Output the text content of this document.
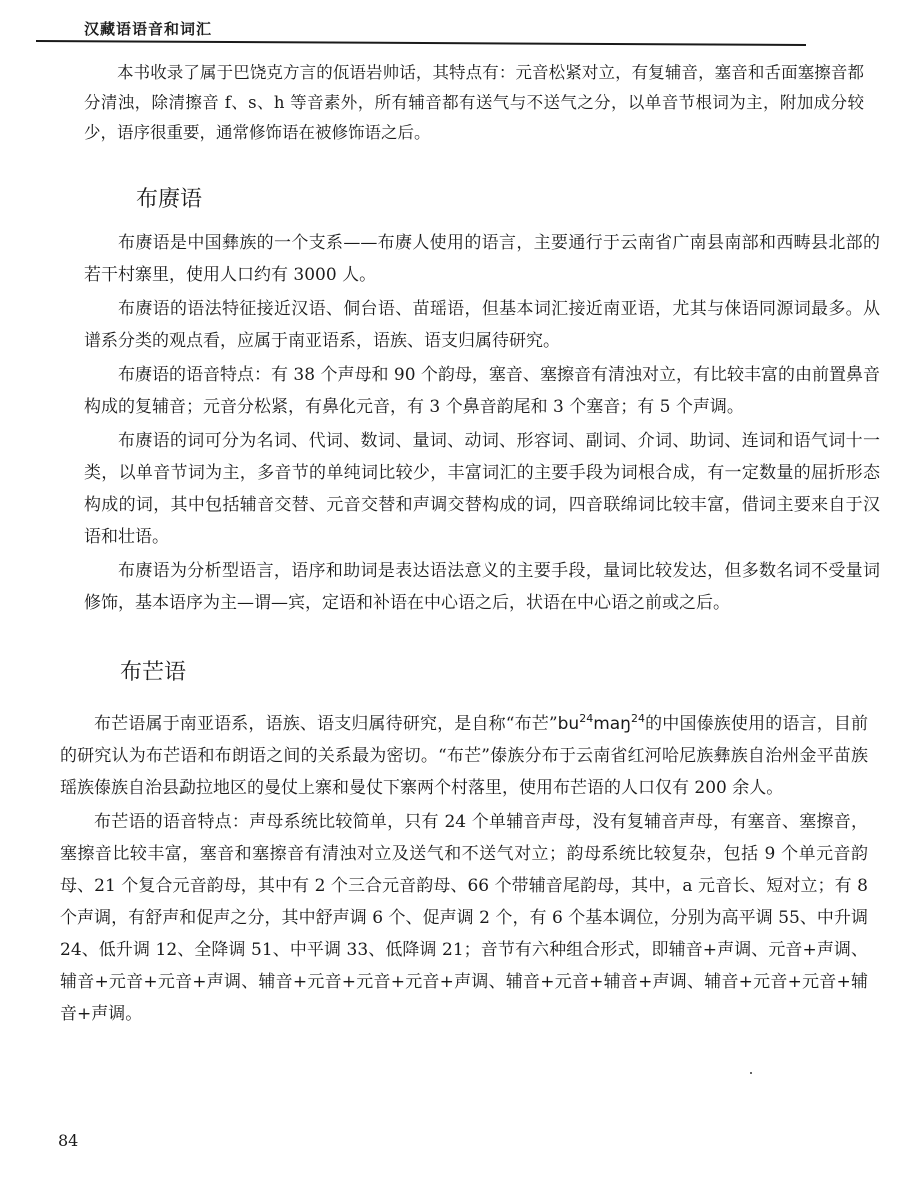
汉藏语语音和词汇

本书收录了属于巴饶克方言的佤语岩帅话，其特点有：元音松紧对立，有复辅音，塞音和舌面塞擦音都分清浊，除清擦音 f、s、h 等音素外，所有辅音都有送气与不送气之分，以单音节根词为主，附加成分较少，语序很重要，通常修饰语在被修饰语之后。

布赓语

布赓语是中国彝族的一个支系——布赓人使用的语言，主要通行于云南省广南县南部和西畴县北部的若干村寨里，使用人口约有 3000 人。

布赓语的语法特征接近汉语、侗台语、苗瑶语，但基本词汇接近南亚语，尤其与俫语同源词最多。从谱系分类的观点看，应属于南亚语系，语族、语支归属待研究。

布赓语的语音特点：有 38 个声母和 90 个韵母，塞音、塞擦音有清浊对立，有比较丰富的由前置鼻音构成的复辅音；元音分松紧，有鼻化元音，有 3 个鼻音韵尾和 3 个塞音；有 5 个声调。

布赓语的词可分为名词、代词、数词、量词、动词、形容词、副词、介词、助词、连词和语气词十一类，以单音节词为主，多音节的单纯词比较少，丰富词汇的主要手段为词根合成，有一定数量的屈折形态构成的词，其中包括辅音交替、元音交替和声调交替构成的词，四音联绵词比较丰富，借词主要来自于汉语和壮语。

布赓语为分析型语言，语序和助词是表达语法意义的主要手段，量词比较发达，但多数名词不受量词修饰，基本语序为主—谓—宾，定语和补语在中心语之后，状语在中心语之前或之后。

布芒语

布芒语属于南亚语系，语族、语支归属待研究，是自称“布芒$”bu^{24}maŋ^{24}$的中国傣族使用的语言，目前的研究认为布芒语和布朗语之间的关系最为密切。“布芒”傣族分布于云南省红河哈尼族彝族自治州金平苗族瑶族傣族自治县勐拉地区的曼仗上寨和曼仗下寨两个村落里，使用布芒语的人口仅有 200 余人。

布芒语的语音特点：声母系统比较简单，只有 24 个单辅音声母，没有复辅音声母，有塞音、塞擦音，塞擦音比较丰富，塞音和塞擦音有清浊对立及送气和不送气对立；韵母系统比较复杂，包括 9 个单元音韵母、21 个复合元音韵母，其中有 2 个三合元音韵母、66 个带辅音尾韵母，其中，a 元音长、短对立；有 8 个声调，有舒声和促声之分，其中舒声调 6 个、促声调 2 个，有 6 个基本调位，分别为高平调 55、中升调 24、低升调 12、全降调 51、中平调 33、低降调 21；音节有六种组合形式，即辅音+声调、元音+声调、辅音+元音+元音+声调、辅音+元音+元音+元音+声调、辅音+元音+辅音+声调、辅音+元音+元音+辅音+声调。

84
